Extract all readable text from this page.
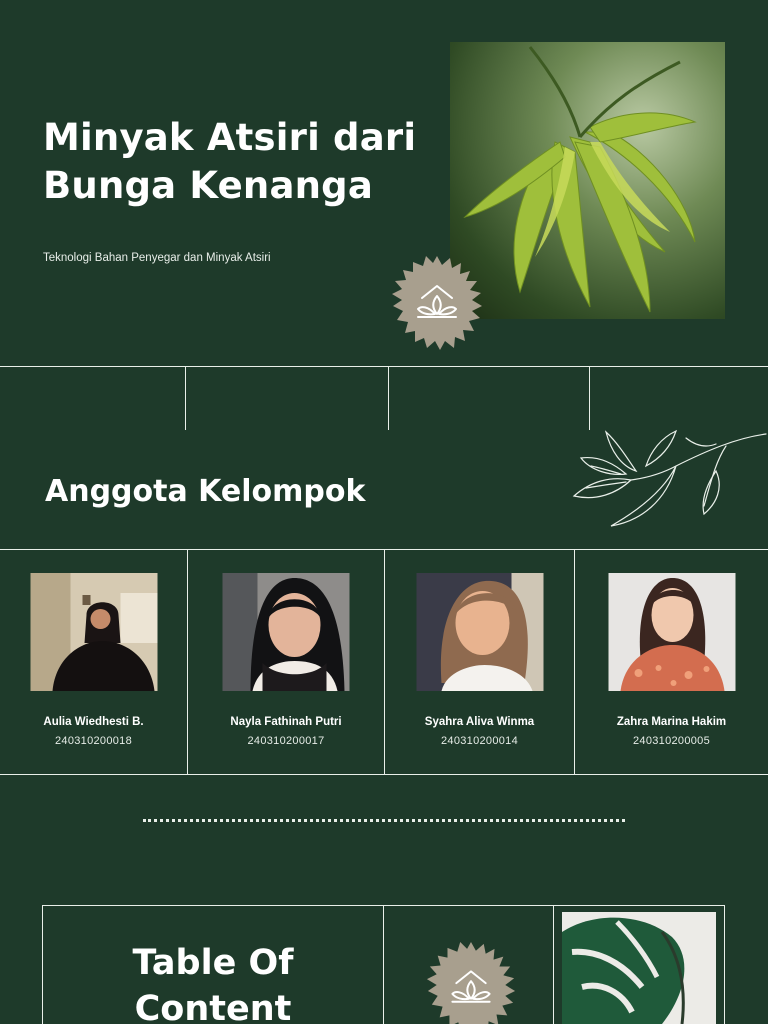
Minyak Atsiri dari
Bunga Kenanga
Teknologi Bahan Penyegar dan Minyak Atsiri
Anggota Kelompok
Aulia Wiedhesti B.
240310200018
Nayla Fathinah Putri
240310200017
Syahra Aliva Winma
240310200014
Zahra Marina Hakim
240310200005
Table Of
Content
